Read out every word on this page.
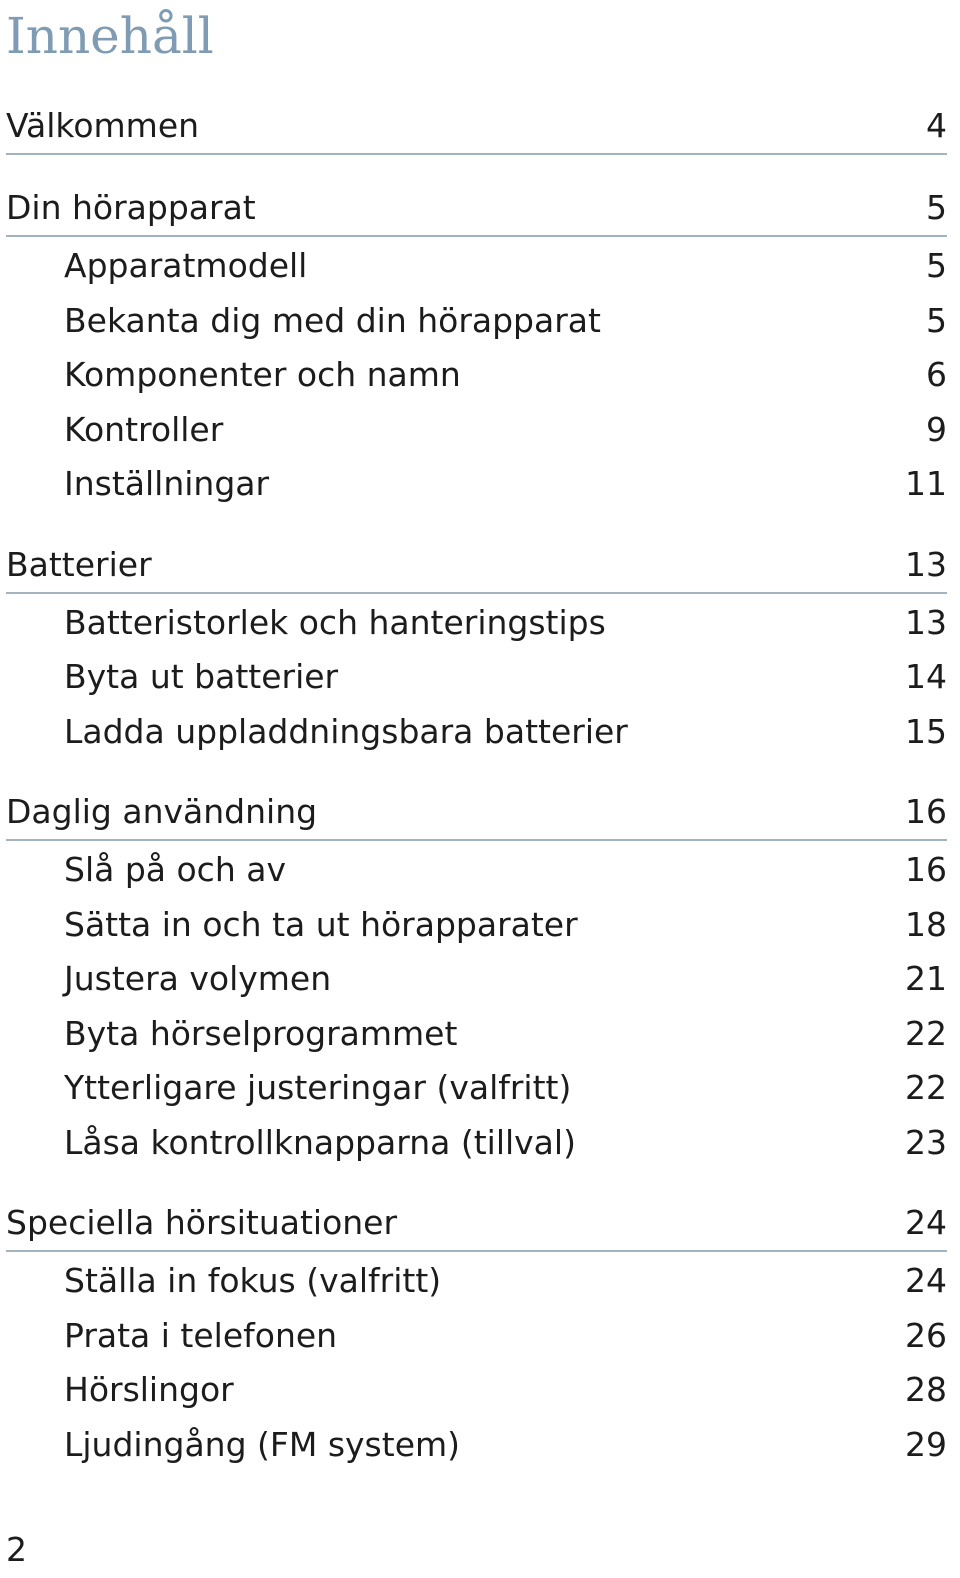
Innehåll
Välkommen	4
Din hörapparat	5
Apparatmodell	5
Bekanta dig med din hörapparat	5
Komponenter och namn	6
Kontroller	9
Inställningar	11
Batterier	13
Batteristorlek och hanteringstips	13
Byta ut batterier	14
Ladda uppladdningsbara batterier	15
Daglig användning	16
Slå på och av	16
Sätta in och ta ut hörapparater	18
Justera volymen	21
Byta hörselprogrammet	22
Ytterligare justeringar (valfritt)	22
Låsa kontrollknapparna (tillval)	23
Speciella hörsituationer	24
Ställa in fokus (valfritt)	24
Prata i telefonen	26
Hörslingor	28
Ljudingång (FM system)	29
2
